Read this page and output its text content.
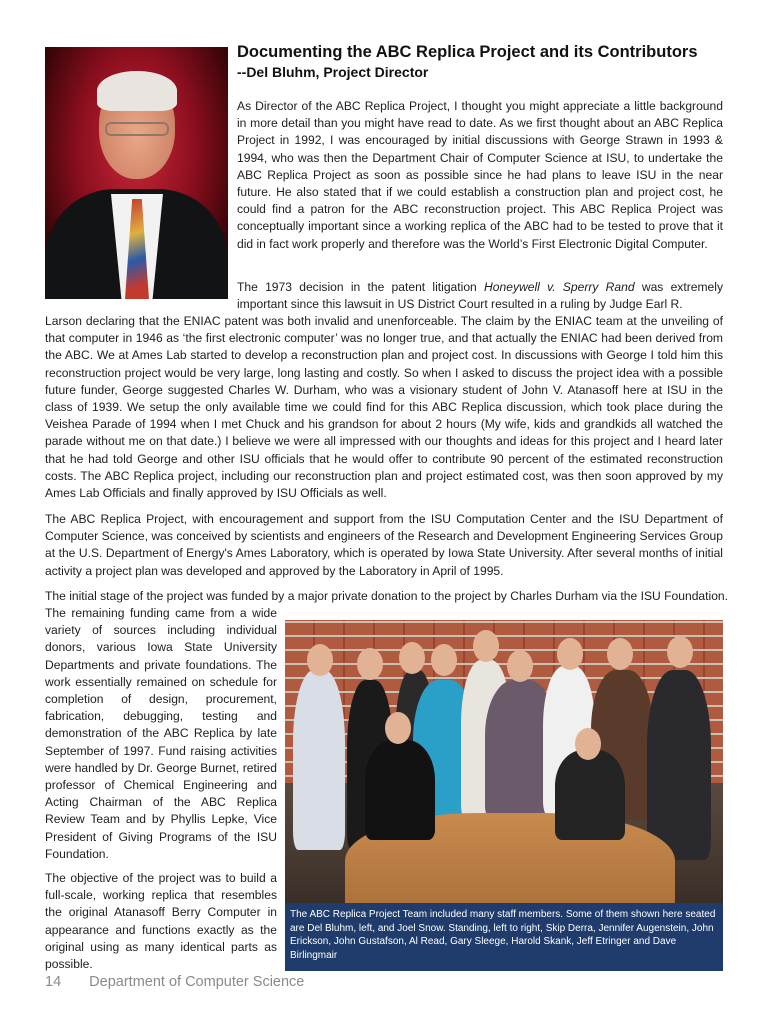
Documenting the ABC Replica Project and its Contributors
--Del Bluhm, Project Director

As Director of the ABC Replica Project, I thought you might appreciate a little background in more detail than you might have read to date. As we first thought about an ABC Replica Project in 1992, I was encouraged by initial discussions with George Strawn in 1993 & 1994, who was then the Department Chair of Computer Science at ISU, to undertake the ABC Replica Project as soon as possible since he had plans to leave ISU in the near future. He also stated that if we could establish a construction plan and project cost, he could find a patron for the ABC reconstruction project. This ABC Replica Project was conceptually important since a working replica of the ABC had to be tested to prove that it did in fact work properly and therefore was the World’s First Electronic Digital Computer.

The 1973 decision in the patent litigation Honeywell v. Sperry Rand was extremely important since this lawsuit in US District Court resulted in a ruling by Judge Earl R.

Larson declaring that the ENIAC patent was both invalid and unenforceable. The claim by the ENIAC team at the unveiling of that computer in 1946 as ‘the first electronic computer’ was no longer true, and that actually the ENIAC had been derived from the ABC. We at Ames Lab started to develop a reconstruction plan and project cost. In discussions with George I told him this reconstruction project would be very large, long lasting and costly. So when I asked to discuss the project idea with a possible future funder, George suggested Charles W. Durham, who was a visionary student of John V. Atanasoff here at ISU in the class of 1939. We setup the only available time we could find for this ABC Replica discussion, which took place during the Veishea Parade of 1994 when I met Chuck and his grandson for about 2 hours (My wife, kids and grandkids all watched the parade without me on that date.) I believe we were all impressed with our thoughts and ideas for this project and I heard later that he had told George and other ISU officials that he would offer to contribute 90 percent of the estimated reconstruction costs. The ABC Replica project, including our reconstruction plan and project estimated cost, was then soon approved by my Ames Lab Officials and finally approved by ISU Officials as well.

The ABC Replica Project, with encouragement and support from the ISU Computation Center and the ISU Department of Computer Science, was conceived by scientists and engineers of the Research and Development Engineering Services Group at the U.S. Department of Energy's Ames Laboratory, which is operated by Iowa State University. After several months of initial activity a project plan was developed and approved by the Laboratory in April of 1995.

The initial stage of the project was funded by a major private donation to the project by Charles Durham via the ISU Foundation.

The remaining funding came from a wide variety of sources including individual donors, various Iowa State University Departments and private foundations. The work essentially remained on schedule for completion of design, procurement, fabrication, debugging, testing and demonstration of the ABC Replica by late September of 1997. Fund raising activities were handled by Dr. George Burnet, retired professor of Chemical Engineering and Acting Chairman of the ABC Replica Review Team and by Phyllis Lepke, Vice President of Giving Programs of the ISU Foundation.

The objective of the project was to build a full-scale, working replica that resembles the original Atanasoff Berry Computer in appearance and functions exactly as the original using as many identical parts as possible.

The ABC Replica Project Team included many staff members. Some of them shown here seated are Del Bluhm, left, and Joel Snow. Standing, left to right, Skip Derra, Jennifer Augenstein, John Erickson, John Gustafson, Al Read, Gary Sleege, Harold Skank, Jeff Etringer and Dave Birlingmair
14 Department of Computer Science
